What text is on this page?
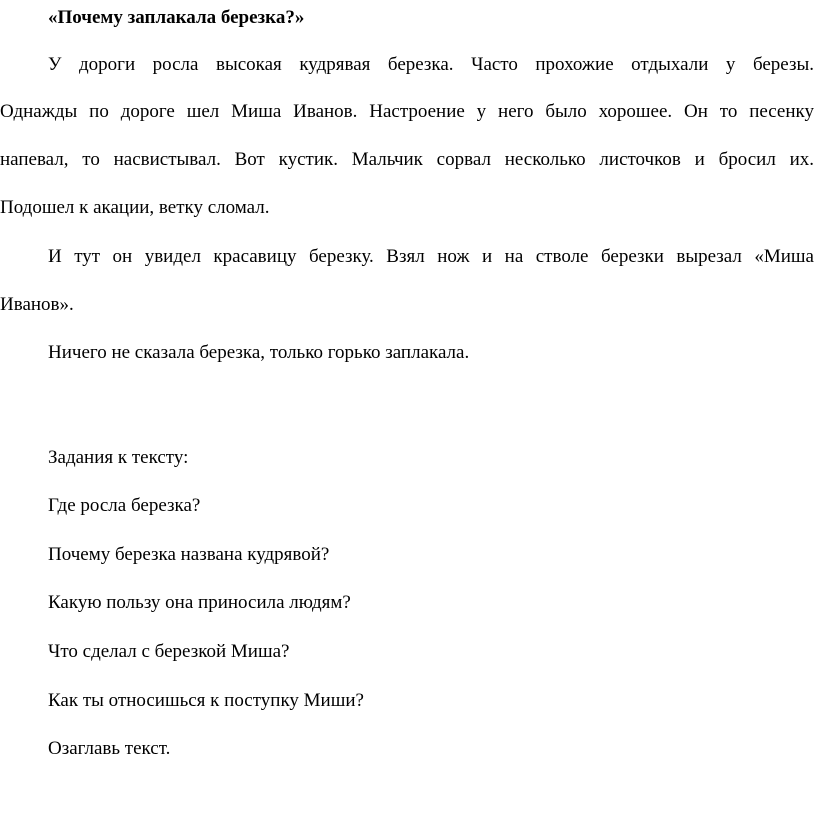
«Почему заплакала березка?»
У дороги росла высокая кудрявая березка. Часто прохожие отдыхали у березы.
Однажды по дороге шел Миша Иванов. Настроение у него было хорошее. Он то песенку
напевал, то насвистывал. Вот кустик. Мальчик сорвал несколько листочков и бросил их.
Подошел к акации, ветку сломал.
И тут он увидел красавицу березку. Взял нож и на стволе березки вырезал «Миша
Иванов».
Ничего не сказала березка, только горько заплакала.
Задания к тексту:
Где росла березка?
Почему березка названа кудрявой?
Какую пользу она приносила людям?
Что сделал с березкой Миша?
Как ты относишься к поступку Миши?
Озаглавь текст.
